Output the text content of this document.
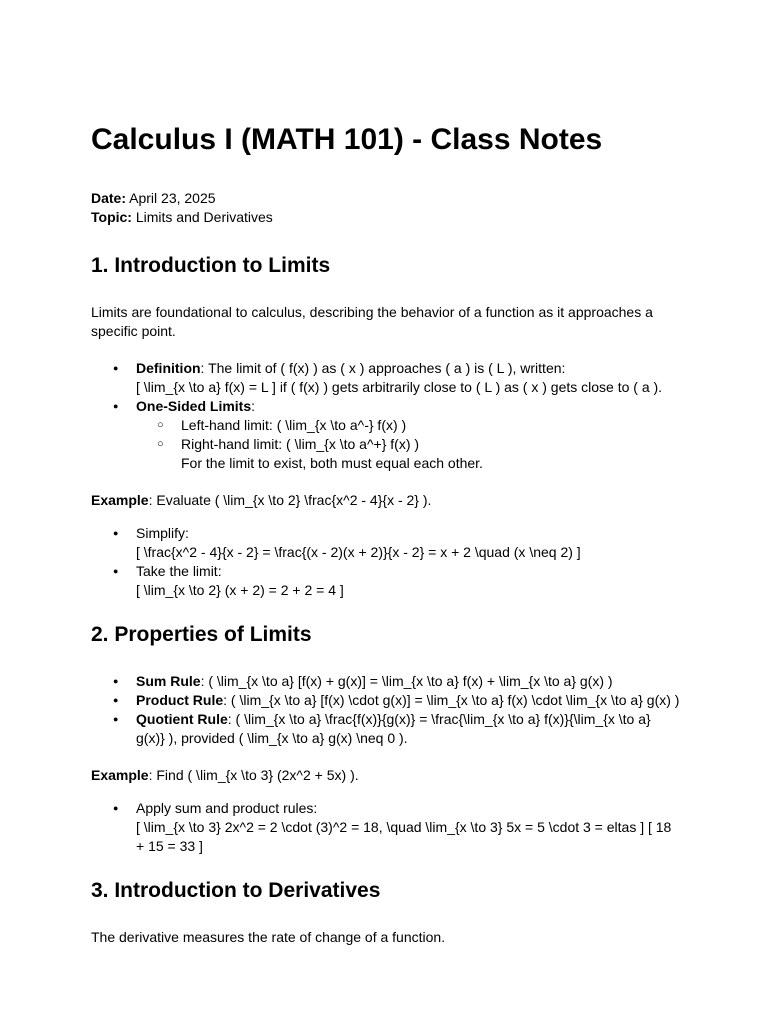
Calculus I (MATH 101) - Class Notes

Date: April 23, 2025

Topic: Limits and Derivatives

1. Introduction to Limits

Limits are foundational to calculus, describing the behavior of a function as it approaches a specific point.

● Definition: The limit of ( f(x) ) as ( x ) approaches ( a ) is ( L ), written:
[ \lim_{x \to a} f(x) = L ] if ( f(x) ) gets arbitrarily close to ( L ) as ( x ) gets close to ( a ).
● One-Sided Limits:
○ Left-hand limit: ( \lim_{x \to a^-} f(x) )
○ Right-hand limit: ( \lim_{x \to a^+} f(x) )
For the limit to exist, both must equal each other.

Example: Evaluate ( \lim_{x \to 2} \frac{x^2 - 4}{x - 2} ).

● Simplify:
[ \frac{x^2 - 4}{x - 2} = \frac{(x - 2)(x + 2)}{x - 2} = x + 2 \quad (x \neq 2) ]
● Take the limit:
[ \lim_{x \to 2} (x + 2) = 2 + 2 = 4 ]
2. Properties of Limits
● Sum Rule: ( \lim_{x \to a} [f(x) + g(x)] = \lim_{x \to a} f(x) + \lim_{x \to a} g(x) )
● Product Rule: ( \lim_{x \to a} [f(x) \cdot g(x)] = \lim_{x \to a} f(x) \cdot \lim_{x \to a} g(x) )
● Quotient Rule: ( \lim_{x \to a} \frac{f(x)}{g(x)} = \frac{\lim_{x \to a} f(x)}{\lim_{x \to a} g(x)} ), provided ( \lim_{x \to a} g(x) \neq 0 ).

Example: Find ( \lim_{x \to 3} (2x^2 + 5x) ).

● Apply sum and product rules:
[ \lim_{x \to 3} 2x^2 = 2 \cdot (3)^2 = 18, \quad \lim_{x \to 3} 5x = 5 \cdot 3 = eltas ] [ 18 + 15 = 33 ]
3. Introduction to Derivatives

The derivative measures the rate of change of a function.
